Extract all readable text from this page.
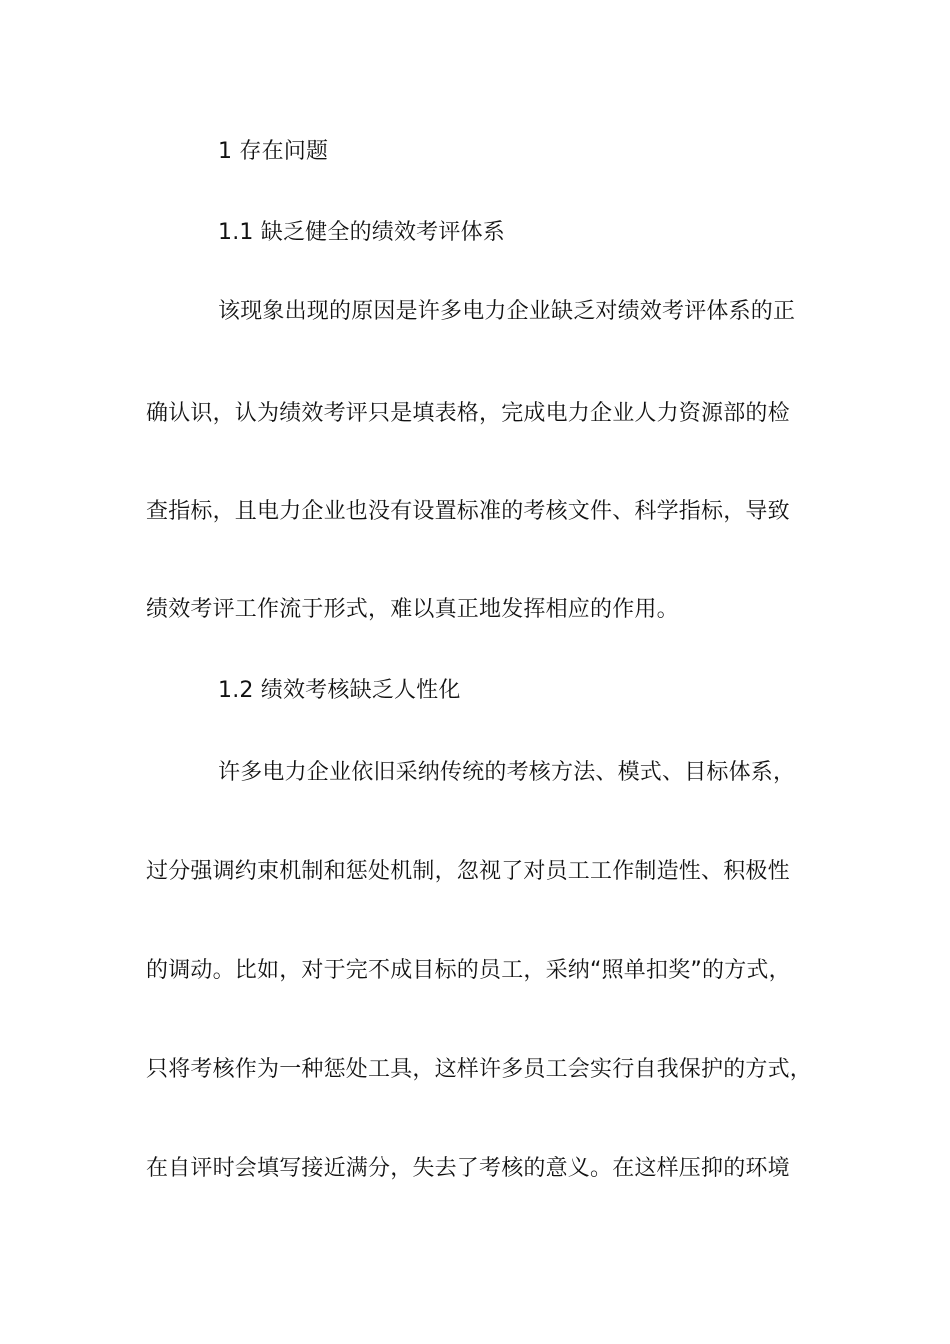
1 存在问题
1.1 缺乏健全的绩效考评体系
该现象出现的原因是许多电力企业缺乏对绩效考评体系的正
确认识，认为绩效考评只是填表格，完成电力企业人力资源部的检
查指标，且电力企业也没有设置标准的考核文件、科学指标，导致
绩效考评工作流于形式，难以真正地发挥相应的作用。
1.2 绩效考核缺乏人性化
许多电力企业依旧采纳传统的考核方法、模式、目标体系，
过分强调约束机制和惩处机制，忽视了对员工工作制造性、积极性
的调动。比如，对于完不成目标的员工，采纳“照单扣奖”的方式，
只将考核作为一种惩处工具，这样许多员工会实行自我保护的方式，
在自评时会填写接近满分，失去了考核的意义。在这样压抑的环境
